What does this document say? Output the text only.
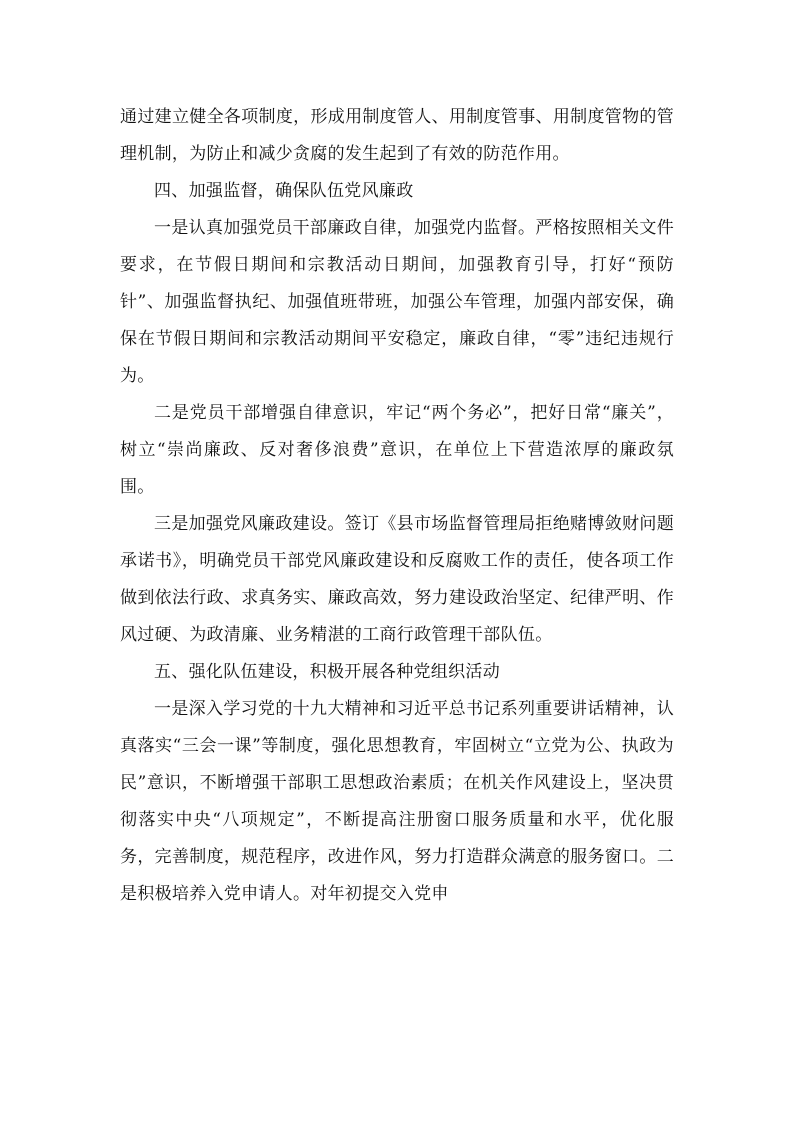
通过建立健全各项制度，形成用制度管人、用制度管事、用制度管物的管理机制，为防止和减少贪腐的发生起到了有效的防范作用。

四、加强监督，确保队伍党风廉政

一是认真加强党员干部廉政自律，加强党内监督。严格按照相关文件要求，在节假日期间和宗教活动日期间，加强教育引导，打好“预防针”、加强监督执纪、加强值班带班，加强公车管理，加强内部安保，确保在节假日期间和宗教活动期间平安稳定，廉政自律，“零”违纪违规行为。

二是党员干部增强自律意识，牢记“两个务必”，把好日常“廉关”，树立“崇尚廉政、反对奢侈浪费”意识，在单位上下营造浓厚的廉政氛围。

三是加强党风廉政建设。签订《县市场监督管理局拒绝赌博敛财问题承诺书》，明确党员干部党风廉政建设和反腐败工作的责任，使各项工作做到依法行政、求真务实、廉政高效，努力建设政治坚定、纪律严明、作风过硬、为政清廉、业务精湛的工商行政管理干部队伍。

五、强化队伍建设，积极开展各种党组织活动

一是深入学习党的十九大精神和习近平总书记系列重要讲话精神，认真落实“三会一课”等制度，强化思想教育，牢固树立“立党为公、执政为民”意识，不断增强干部职工思想政治素质；在机关作风建设上，坚决贯彻落实中央“八项规定”，不断提高注册窗口服务质量和水平，优化服务，完善制度，规范程序，改进作风，努力打造群众满意的服务窗口。二是积极培养入党申请人。对年初提交入党申
